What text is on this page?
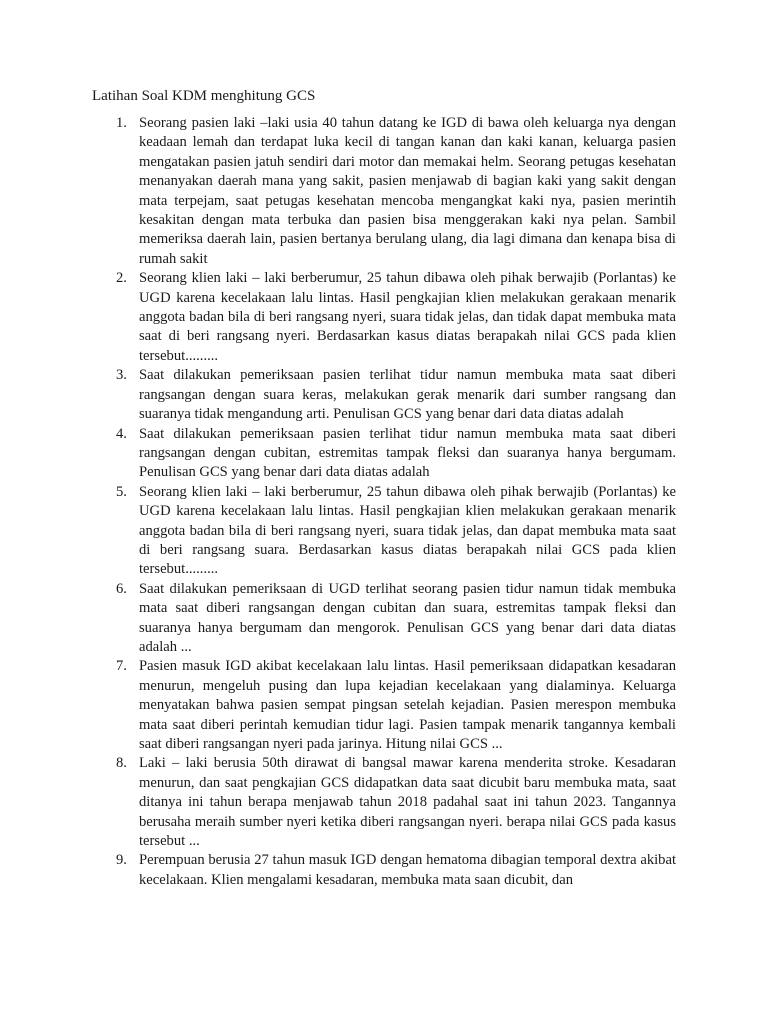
Latihan Soal KDM menghitung GCS
1. Seorang pasien laki –laki usia 40 tahun datang ke IGD di bawa oleh keluarga nya dengan keadaan lemah dan terdapat luka kecil di tangan kanan dan kaki kanan, keluarga pasien mengatakan pasien jatuh sendiri dari motor dan memakai helm. Seorang petugas kesehatan menanyakan daerah mana yang sakit, pasien menjawab di bagian kaki yang sakit dengan mata terpejam, saat petugas kesehatan mencoba mengangkat kaki nya, pasien merintih kesakitan dengan mata terbuka dan pasien bisa menggerakan kaki nya pelan. Sambil memeriksa daerah lain, pasien bertanya berulang ulang, dia lagi dimana dan kenapa bisa di rumah sakit
2. Seorang klien laki – laki berberumur, 25 tahun dibawa oleh pihak berwajib (Porlantas) ke UGD karena kecelakaan lalu lintas. Hasil pengkajian klien melakukan gerakaan menarik anggota badan bila di beri rangsang nyeri, suara tidak jelas, dan tidak dapat membuka mata saat di beri rangsang nyeri. Berdasarkan kasus diatas berapakah nilai GCS pada klien tersebut.........
3. Saat dilakukan pemeriksaan pasien terlihat tidur namun membuka mata saat diberi rangsangan dengan suara keras, melakukan gerak menarik dari sumber rangsang dan suaranya tidak mengandung arti. Penulisan GCS yang benar dari data diatas adalah
4. Saat dilakukan pemeriksaan pasien terlihat tidur namun membuka mata saat diberi rangsangan dengan cubitan, estremitas tampak fleksi dan suaranya hanya bergumam. Penulisan GCS yang benar dari data diatas adalah
5. Seorang klien laki – laki berberumur, 25 tahun dibawa oleh pihak berwajib (Porlantas) ke UGD karena kecelakaan lalu lintas. Hasil pengkajian klien melakukan gerakaan menarik anggota badan bila di beri rangsang nyeri, suara tidak jelas, dan dapat membuka mata saat di beri rangsang suara. Berdasarkan kasus diatas berapakah nilai GCS pada klien tersebut.........
6. Saat dilakukan pemeriksaan di UGD terlihat seorang pasien tidur namun tidak membuka mata saat diberi rangsangan dengan cubitan dan suara, estremitas tampak fleksi dan suaranya hanya bergumam dan mengorok. Penulisan GCS yang benar dari data diatas adalah ...
7. Pasien masuk IGD akibat kecelakaan lalu lintas. Hasil pemeriksaan didapatkan kesadaran menurun, mengeluh pusing dan lupa kejadian kecelakaan yang dialaminya. Keluarga menyatakan bahwa pasien sempat pingsan setelah kejadian. Pasien merespon membuka mata saat diberi perintah kemudian tidur lagi. Pasien tampak menarik tangannya kembali saat diberi rangsangan nyeri pada jarinya. Hitung nilai GCS ...
8. Laki – laki berusia 50th dirawat di bangsal mawar karena menderita stroke. Kesadaran menurun, dan saat pengkajian GCS didapatkan data saat dicubit baru membuka mata, saat ditanya ini tahun berapa menjawab tahun 2018 padahal saat ini tahun 2023. Tangannya berusaha meraih sumber nyeri ketika diberi rangsangan nyeri. berapa nilai GCS pada kasus tersebut ...
9. Perempuan berusia 27 tahun masuk IGD dengan hematoma dibagian temporal dextra akibat kecelakaan. Klien mengalami kesadaran, membuka mata saan dicubit, dan
